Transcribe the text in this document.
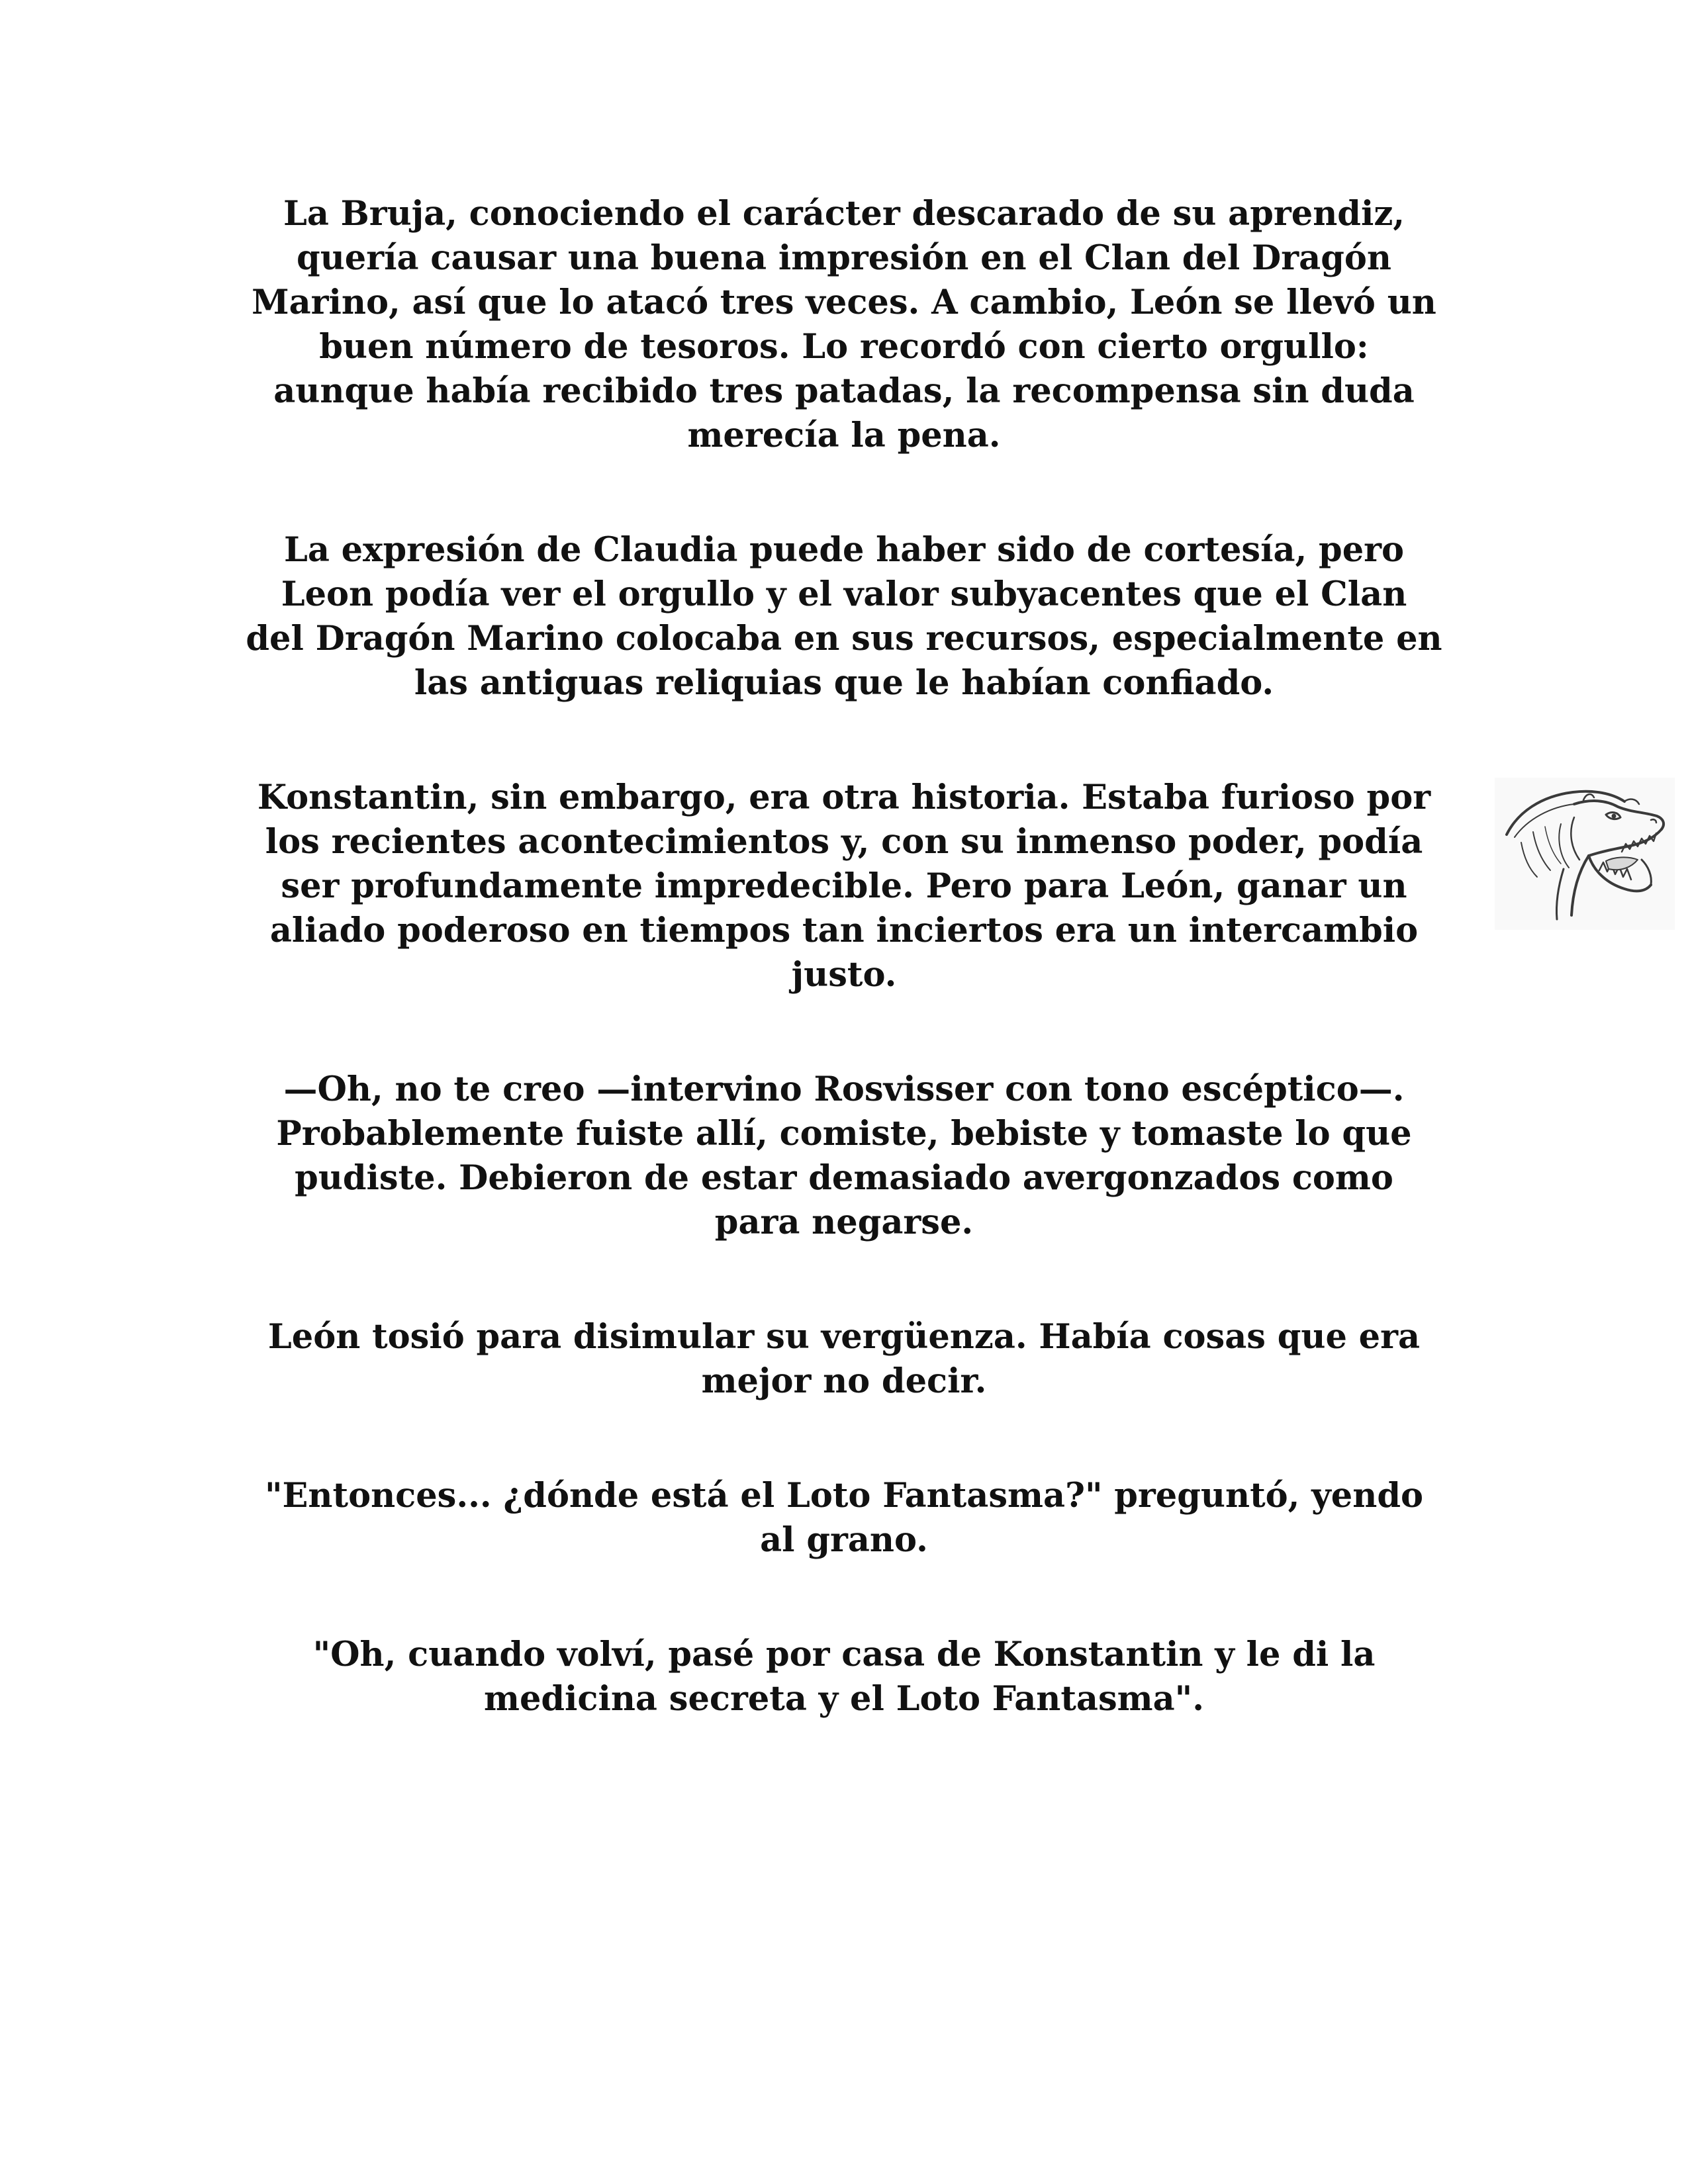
La Bruja, conociendo el carácter descarado de su aprendiz,
quería causar una buena impresión en el Clan del Dragón
Marino, así que lo atacó tres veces. A cambio, León se llevó un
buen número de tesoros. Lo recordó con cierto orgullo:
aunque había recibido tres patadas, la recompensa sin duda
merecía la pena.

La expresión de Claudia puede haber sido de cortesía, pero
Leon podía ver el orgullo y el valor subyacentes que el Clan
del Dragón Marino colocaba en sus recursos, especialmente en
las antiguas reliquias que le habían confiado.

Konstantin, sin embargo, era otra historia. Estaba furioso por
los recientes acontecimientos y, con su inmenso poder, podía
ser profundamente impredecible. Pero para León, ganar un
aliado poderoso en tiempos tan inciertos era un intercambio
justo.

—Oh, no te creo —intervino Rosvisser con tono escéptico—.
Probablemente fuiste allí, comiste, bebiste y tomaste lo que
pudiste. Debieron de estar demasiado avergonzados como
para negarse.

León tosió para disimular su vergüenza. Había cosas que era
mejor no decir.

"Entonces... ¿dónde está el Loto Fantasma?" preguntó, yendo
al grano.

"Oh, cuando volví, pasé por casa de Konstantin y le di la
medicina secreta y el Loto Fantasma".
